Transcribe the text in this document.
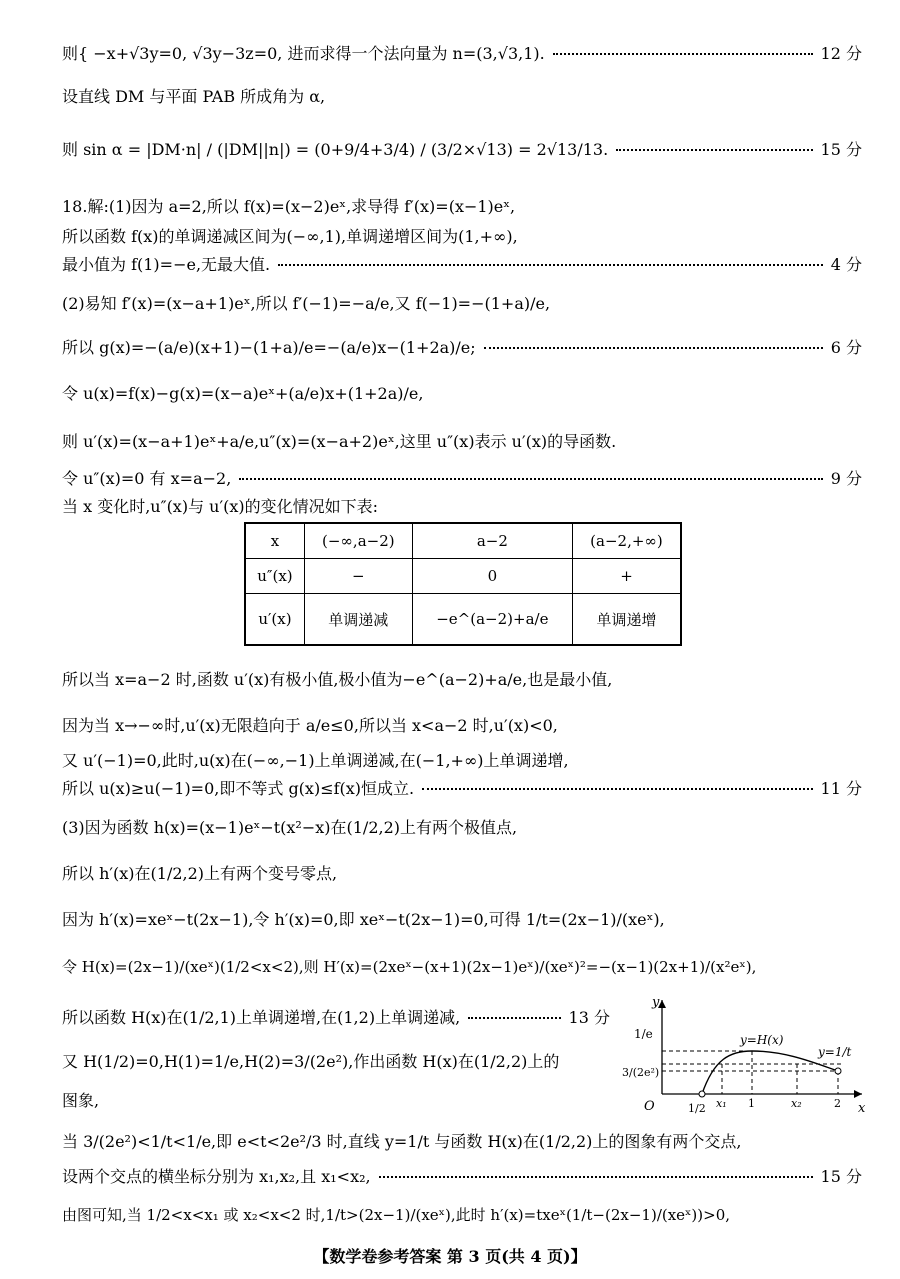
则{ −x+√3y=0, √3y−3z=0, 进而求得一个法向量为 n=(3,√3,1).	12 分
设直线 DM 与平面 PAB 所成角为 α,
则 sin α = |DM·n| / (|DM||n|) = (0+9/4+3/4) / (3/2×√13) = 2√13/13.	15 分
18.解:(1)因为 a=2,所以 f(x)=(x−2)eˣ,求导得 f′(x)=(x−1)eˣ,
所以函数 f(x)的单调递减区间为(−∞,1),单调递增区间为(1,+∞),
最小值为 f(1)=−e,无最大值.	4 分
(2)易知 f′(x)=(x−a+1)eˣ,所以 f′(−1)=−a/e,又 f(−1)=−(1+a)/e,
所以 g(x)=−(a/e)(x+1)−(1+a)/e=−(a/e)x−(1+2a)/e;	6 分
令 u(x)=f(x)−g(x)=(x−a)eˣ+(a/e)x+(1+2a)/e,
则 u′(x)=(x−a+1)eˣ+a/e,u″(x)=(x−a+2)eˣ,这里 u″(x)表示 u′(x)的导函数.
令 u″(x)=0 有 x=a−2,	9 分
当 x 变化时,u″(x)与 u′(x)的变化情况如下表:
x	(−∞,a−2)	a−2	(a−2,+∞)
u″(x)	−	0	+
u′(x)	单调递减	−e^(a−2)+a/e	单调递增
所以当 x=a−2 时,函数 u′(x)有极小值,极小值为−e^(a−2)+a/e,也是最小值,
因为当 x→−∞时,u′(x)无限趋向于 a/e≤0,所以当 x<a−2 时,u′(x)<0,
又 u′(−1)=0,此时,u(x)在(−∞,−1)上单调递减,在(−1,+∞)上单调递增,
所以 u(x)≥u(−1)=0,即不等式 g(x)≤f(x)恒成立.	11 分
(3)因为函数 h(x)=(x−1)eˣ−t(x²−x)在(1/2,2)上有两个极值点,
所以 h′(x)在(1/2,2)上有两个变号零点,
因为 h′(x)=xeˣ−t(2x−1),令 h′(x)=0,即 xeˣ−t(2x−1)=0,可得 1/t=(2x−1)/(xeˣ),
令 H(x)=(2x−1)/(xeˣ)(1/2<x<2),则 H′(x)=(2xeˣ−(x+1)(2x−1)eˣ)/(xeˣ)²=−(x−1)(2x+1)/(x²eˣ),
所以函数 H(x)在(1/2,1)上单调递增,在(1,2)上单调递减,	13 分
又 H(1/2)=0,H(1)=1/e,H(2)=3/(2e²),作出函数 H(x)在(1/2,2)上的
图象,
y
x
O
1/e
3/(2e²)
1/2 x₁ 1	x₂	2
y=H(x)
y=1/t
当 3/(2e²)<1/t<1/e,即 e<t<2e²/3 时,直线 y=1/t 与函数 H(x)在(1/2,2)上的图象有两个交点,
设两个交点的横坐标分别为 x₁,x₂,且 x₁<x₂,	15 分
由图可知,当 1/2<x<x₁ 或 x₂<x<2 时,1/t>(2x−1)/(xeˣ),此时 h′(x)=txeˣ(1/t−(2x−1)/(xeˣ))>0,
【数学卷参考答案 第 3 页(共 4 页)】
